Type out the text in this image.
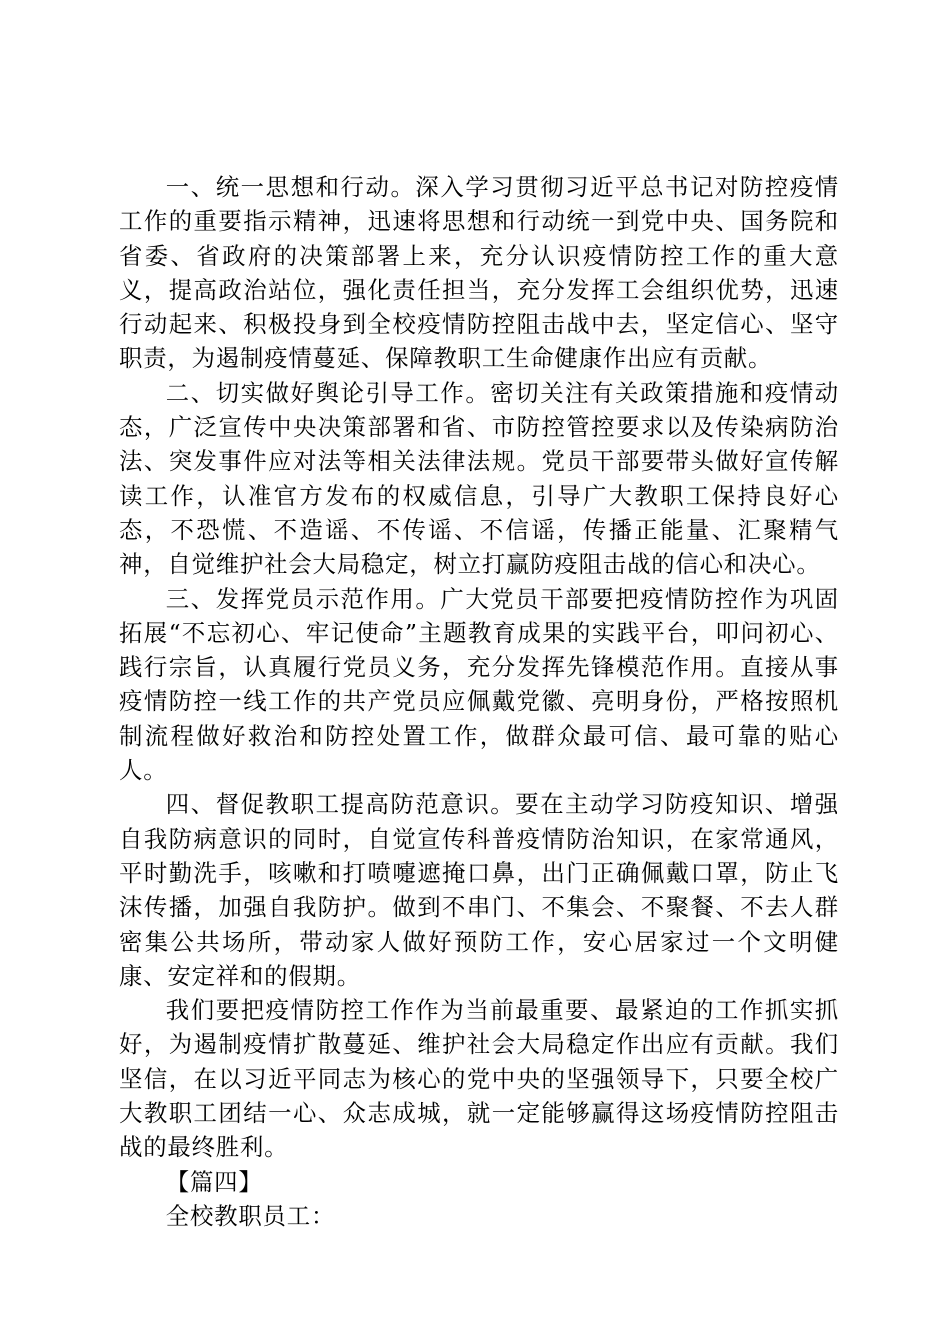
一、统一思想和行动。深入学习贯彻习近平总书记对防控疫情工作的重要指示精神，迅速将思想和行动统一到党中央、国务院和省委、省政府的决策部署上来，充分认识疫情防控工作的重大意义，提高政治站位，强化责任担当，充分发挥工会组织优势，迅速行动起来、积极投身到全校疫情防控阻击战中去，坚定信心、坚守职责，为遏制疫情蔓延、保障教职工生命健康作出应有贡献。

二、切实做好舆论引导工作。密切关注有关政策措施和疫情动态，广泛宣传中央决策部署和省、市防控管控要求以及传染病防治法、突发事件应对法等相关法律法规。党员干部要带头做好宣传解读工作，认准官方发布的权威信息，引导广大教职工保持良好心态，不恐慌、不造谣、不传谣、不信谣，传播正能量、汇聚精气神，自觉维护社会大局稳定，树立打赢防疫阻击战的信心和决心。

三、发挥党员示范作用。广大党员干部要把疫情防控作为巩固拓展“不忘初心、牢记使命”主题教育成果的实践平台，叩问初心、践行宗旨，认真履行党员义务，充分发挥先锋模范作用。直接从事疫情防控一线工作的共产党员应佩戴党徽、亮明身份，严格按照机制流程做好救治和防控处置工作，做群众最可信、最可靠的贴心人。

四、督促教职工提高防范意识。要在主动学习防疫知识、增强自我防病意识的同时，自觉宣传科普疫情防治知识，在家常通风，平时勤洗手，咳嗽和打喷嚏遮掩口鼻，出门正确佩戴口罩，防止飞沫传播，加强自我防护。做到不串门、不集会、不聚餐、不去人群密集公共场所，带动家人做好预防工作，安心居家过一个文明健康、安定祥和的假期。

我们要把疫情防控工作作为当前最重要、最紧迫的工作抓实抓好，为遏制疫情扩散蔓延、维护社会大局稳定作出应有贡献。我们坚信，在以习近平同志为核心的党中央的坚强领导下，只要全校广大教职工团结一心、众志成城，就一定能够赢得这场疫情防控阻击战的最终胜利。

【篇四】

全校教职员工：
